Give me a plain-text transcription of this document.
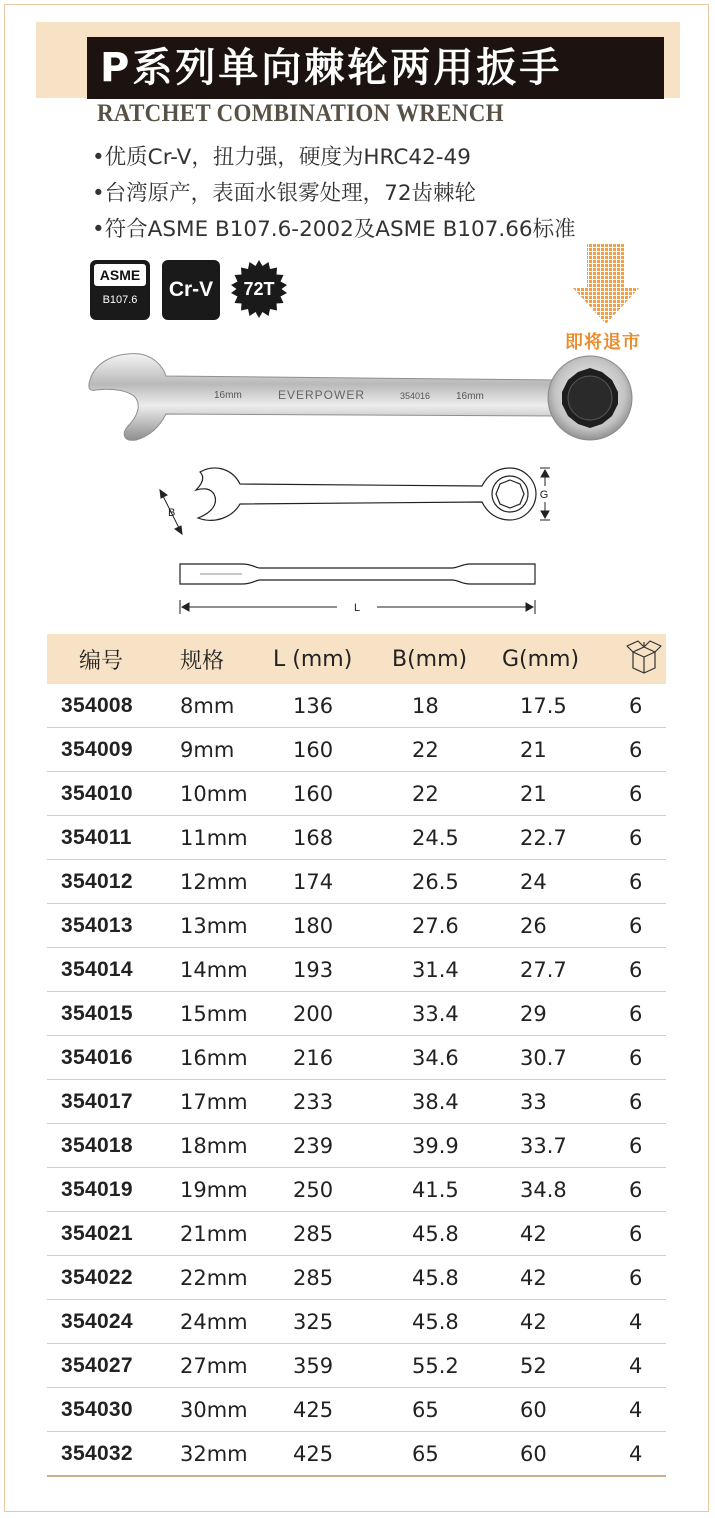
P系列单向棘轮两用扳手
RATCHET COMBINATION WRENCH
•优质Cr-V，扭力强，硬度为HRC42-49
•台湾原产，表面水银雾处理，72齿棘轮
•符合ASME B107.6-2002及ASME B107.66标准
ASME
B107.6	Cr-V	72T
即将退市
16mm	EVERPOWER	354016	16mm
G
L
B
编号	规格	L (mm)	B(mm)	G(mm)	
354008	8mm	136	18	17.5	6
354009	9mm	160	22	21	6
354010	10mm	160	22	21	6
354011	11mm	168	24.5	22.7	6
354012	12mm	174	26.5	24	6
354013	13mm	180	27.6	26	6
354014	14mm	193	31.4	27.7	6
354015	15mm	200	33.4	29	6
354016	16mm	216	34.6	30.7	6
354017	17mm	233	38.4	33	6
354018	18mm	239	39.9	33.7	6
354019	19mm	250	41.5	34.8	6
354021	21mm	285	45.8	42	6
354022	22mm	285	45.8	42	6
354024	24mm	325	45.8	42	4
354027	27mm	359	55.2	52	4
354030	30mm	425	65	60	4
354032	32mm	425	65	60	4
